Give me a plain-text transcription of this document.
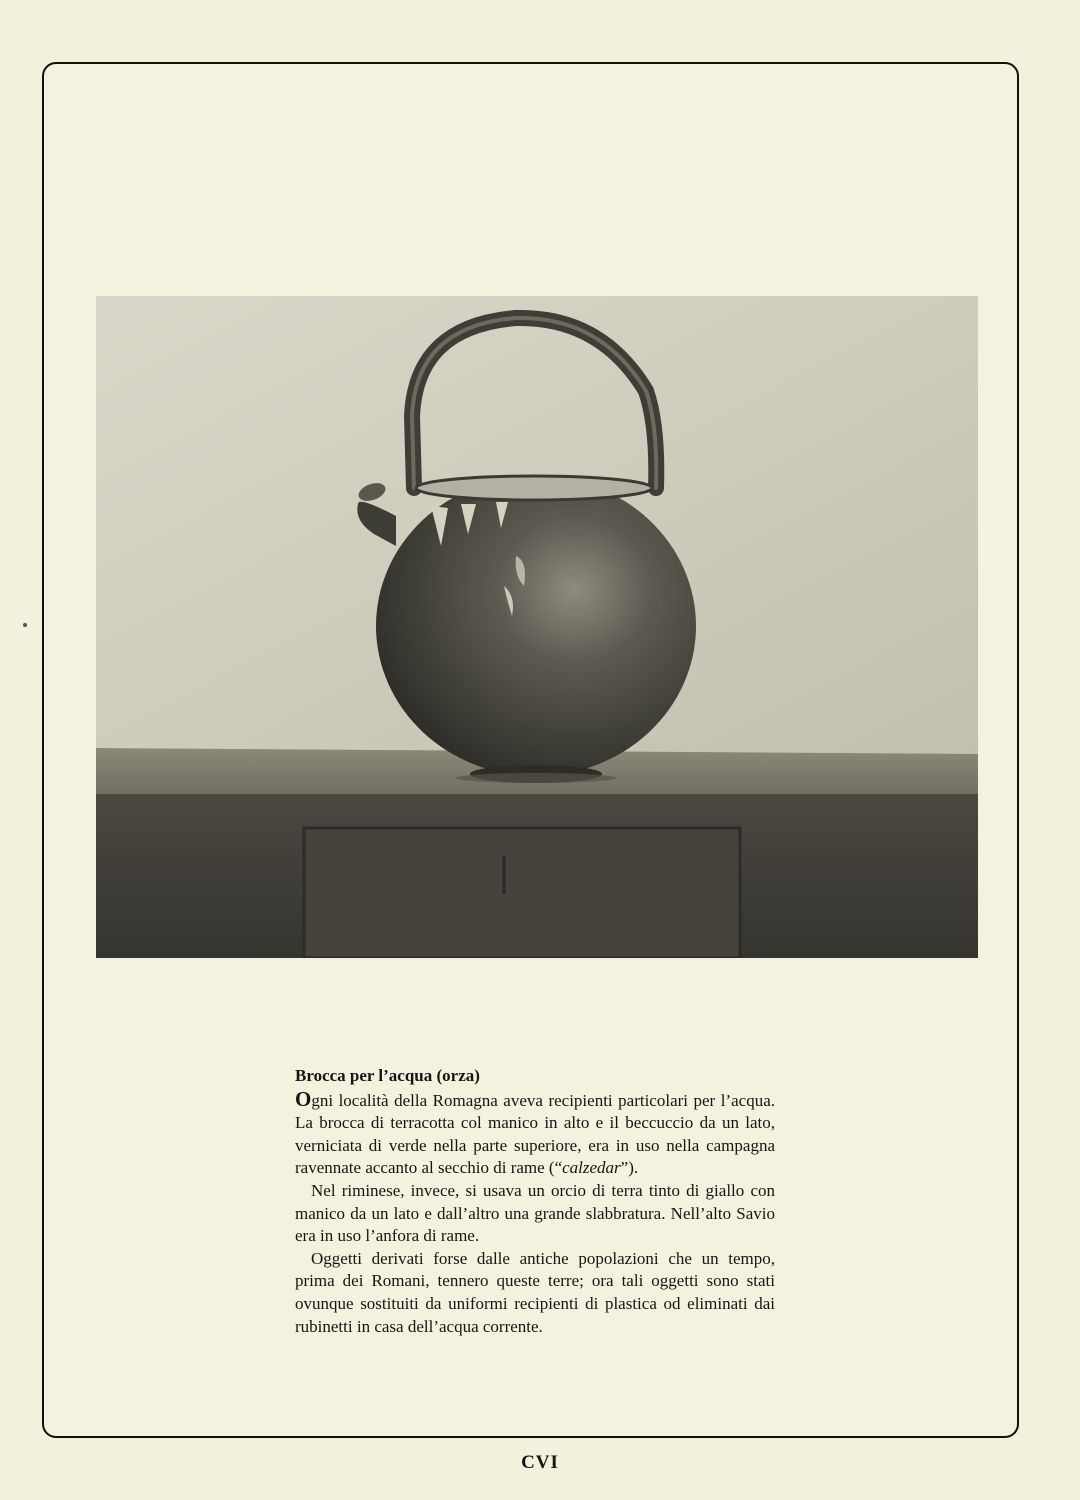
Brocca per l’acqua (orza)

Ogni località della Romagna aveva recipienti particolari per l’acqua. La brocca di terracotta col manico in alto e il beccuccio da un lato, verniciata di verde nella parte superiore, era in uso nella campagna ravennate accanto al secchio di rame (“calzedar”).

Nel riminese, invece, si usava un orcio di terra tinto di giallo con manico da un lato e dall’altro una grande slabbratura. Nell’alto Savio era in uso l’anfora di rame.

Oggetti derivati forse dalle antiche popolazioni che un tempo, prima dei Romani, tennero queste terre; ora tali oggetti sono stati ovunque sostituiti da uniformi recipienti di plastica od eliminati dai rubinetti in casa dell’acqua corrente.

CVI
